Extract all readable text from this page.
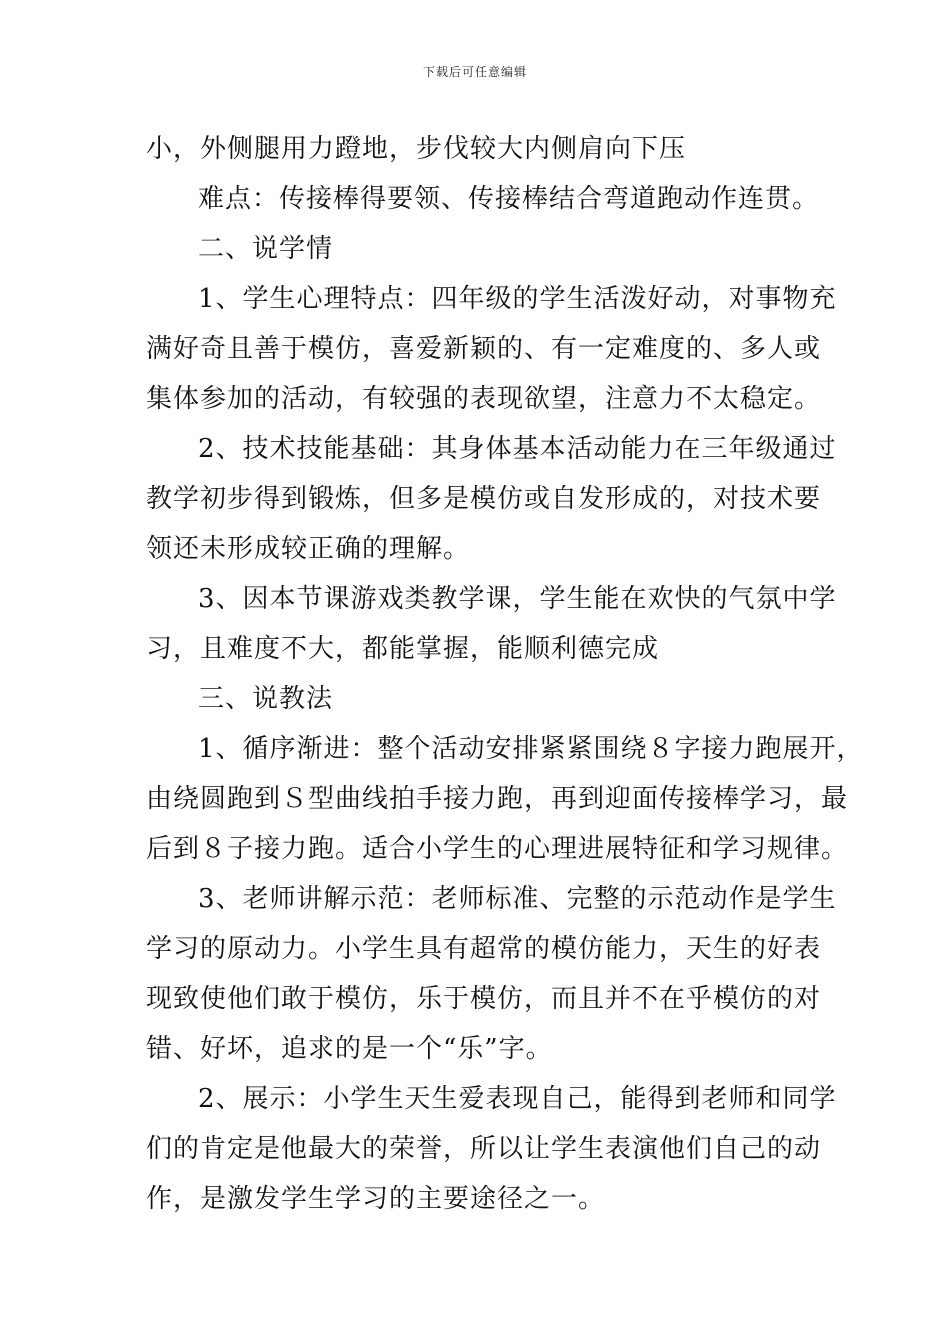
下载后可任意编辑
小，外侧腿用力蹬地，步伐较大内侧肩向下压
难点：传接棒得要领、传接棒结合弯道跑动作连贯。
二、说学情
1、学生心理特点：四年级的学生活泼好动，对事物充
满好奇且善于模仿，喜爱新颖的、有一定难度的、多人或
集体参加的活动，有较强的表现欲望，注意力不太稳定。
2、技术技能基础：其身体基本活动能力在三年级通过
教学初步得到锻炼，但多是模仿或自发形成的，对技术要
领还未形成较正确的理解。
3、因本节课游戏类教学课，学生能在欢快的气氛中学
习，且难度不大，都能掌握，能顺利德完成
三、说教法
1、循序渐进：整个活动安排紧紧围绕８字接力跑展开，
由绕圆跑到Ｓ型曲线拍手接力跑，再到迎面传接棒学习，最
后到８子接力跑。适合小学生的心理进展特征和学习规律。
3、老师讲解示范：老师标准、完整的示范动作是学生
学习的原动力。小学生具有超常的模仿能力，天生的好表
现致使他们敢于模仿，乐于模仿，而且并不在乎模仿的对
错、好坏，追求的是一个“乐”字。
2、展示：小学生天生爱表现自己，能得到老师和同学
们的肯定是他最大的荣誉，所以让学生表演他们自己的动
作，是激发学生学习的主要途径之一。
